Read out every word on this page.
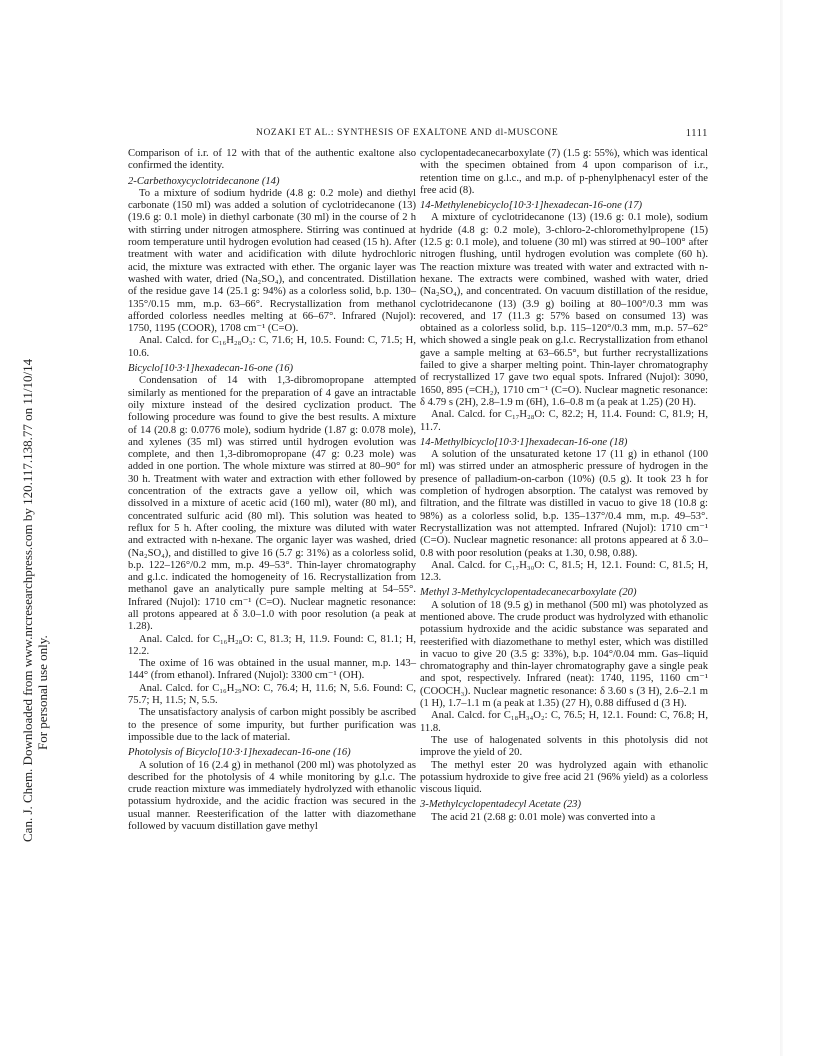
Can. J. Chem. Downloaded from www.nrcresearchpress.com by 120.117.138.77 on 11/10/14 For personal use only.
NOZAKI ET AL.: SYNTHESIS OF EXALTONE AND dl-MUSCONE	1111

Comparison of i.r. of 12 with that of the authentic exaltone also confirmed the identity.

2-Carbethoxycyclotridecanone (14)

To a mixture of sodium hydride (4.8 g: 0.2 mole) and diethyl carbonate (150 ml) was added a solution of cyclotridecanone (13) (19.6 g: 0.1 mole) in diethyl carbonate (30 ml) in the course of 2 h with stirring under nitrogen atmosphere. Stirring was continued at room temperature until hydrogen evolution had ceased (15 h). After treatment with water and acidification with dilute hydrochloric acid, the mixture was extracted with ether. The organic layer was washed with water, dried (Na₂SO₄), and concentrated. Distillation of the residue gave 14 (25.1 g: 94%) as a colorless solid, b.p. 130–135°/0.15 mm, m.p. 63–66°. Recrystallization from methanol afforded colorless needles melting at 66–67°. Infrared (Nujol): 1750, 1195 (COOR), 1708 cm⁻¹ (C=O).

Anal. Calcd. for C₁₆H₂₈O₃: C, 71.6; H, 10.5. Found: C, 71.5; H, 10.6.

Bicyclo[10·3·1]hexadecan-16-one (16)

Condensation of 14 with 1,3-dibromopropane attempted similarly as mentioned for the preparation of 4 gave an intractable oily mixture instead of the desired cyclization product. The following procedure was found to give the best results. A mixture of 14 (20.8 g: 0.0776 mole), sodium hydride (1.87 g: 0.078 mole), and xylenes (35 ml) was stirred until hydrogen evolution was complete, and then 1,3-dibromopropane (47 g: 0.23 mole) was added in one portion. The whole mixture was stirred at 80–90° for 30 h. Treatment with water and extraction with ether followed by concentration of the extracts gave a yellow oil, which was dissolved in a mixture of acetic acid (160 ml), water (80 ml), and concentrated sulfuric acid (80 ml). This solution was heated to reflux for 5 h. After cooling, the mixture was diluted with water and extracted with n-hexane. The organic layer was washed, dried (Na₂SO₄), and distilled to give 16 (5.7 g: 31%) as a colorless solid, b.p. 122–126°/0.2 mm, m.p. 49–53°. Thin-layer chromatography and g.l.c. indicated the homogeneity of 16. Recrystallization from methanol gave an analytically pure sample melting at 54–55°. Infrared (Nujol): 1710 cm⁻¹ (C=O). Nuclear magnetic resonance: all protons appeared at δ 3.0–1.0 with poor resolution (a peak at 1.28).

Anal. Calcd. for C₁₆H₂₈O: C, 81.3; H, 11.9. Found: C, 81.1; H, 12.2.

The oxime of 16 was obtained in the usual manner, m.p. 143–144° (from ethanol). Infrared (Nujol): 3300 cm⁻¹ (OH).

Anal. Calcd. for C₁₆H₂₉NO: C, 76.4; H, 11.6; N, 5.6. Found: C, 75.7; H, 11.5; N, 5.5.

The unsatisfactory analysis of carbon might possibly be ascribed to the presence of some impurity, but further purification was impossible due to the lack of material.

Photolysis of Bicyclo[10·3·1]hexadecan-16-one (16)

A solution of 16 (2.4 g) in methanol (200 ml) was photolyzed as described for the photolysis of 4 while monitoring by g.l.c. The crude reaction mixture was immediately hydrolyzed with ethanolic potassium hydroxide, and the acidic fraction was secured in the usual manner. Reesterification of the latter with diazomethane followed by vacuum distillation gave methyl

cyclopentadecanecarboxylate (7) (1.5 g: 55%), which was identical with the specimen obtained from 4 upon comparison of i.r., retention time on g.l.c., and m.p. of p-phenylphenacyl ester of the free acid (8).

14-Methylenebicyclo[10·3·1]hexadecan-16-one (17)

A mixture of cyclotridecanone (13) (19.6 g: 0.1 mole), sodium hydride (4.8 g: 0.2 mole), 3-chloro-2-chloromethylpropene (15) (12.5 g: 0.1 mole), and toluene (30 ml) was stirred at 90–100° after nitrogen flushing, until hydrogen evolution was complete (60 h). The reaction mixture was treated with water and extracted with n-hexane. The extracts were combined, washed with water, dried (Na₂SO₄), and concentrated. On vacuum distillation of the residue, cyclotridecanone (13) (3.9 g) boiling at 80–100°/0.3 mm was recovered, and 17 (11.3 g: 57% based on consumed 13) was obtained as a colorless solid, b.p. 115–120°/0.3 mm, m.p. 57–62° which showed a single peak on g.l.c. Recrystallization from ethanol gave a sample melting at 63–66.5°, but further recrystallizations failed to give a sharper melting point. Thin-layer chromatography of recrystallized 17 gave two equal spots. Infrared (Nujol): 3090, 1650, 895 (=CH₂), 1710 cm⁻¹ (C=O). Nuclear magnetic resonance: δ 4.79 s (2H), 2.8–1.9 m (6H), 1.6–0.8 m (a peak at 1.25) (20 H).

Anal. Calcd. for C₁₇H₂₈O: C, 82.2; H, 11.4. Found: C, 81.9; H, 11.7.

14-Methylbicyclo[10·3·1]hexadecan-16-one (18)

A solution of the unsaturated ketone 17 (11 g) in ethanol (100 ml) was stirred under an atmospheric pressure of hydrogen in the presence of palladium-on-carbon (10%) (0.5 g). It took 23 h for completion of hydrogen absorption. The catalyst was removed by filtration, and the filtrate was distilled in vacuo to give 18 (10.8 g: 98%) as a colorless solid, b.p. 135–137°/0.4 mm, m.p. 49–53°. Recrystallization was not attempted. Infrared (Nujol): 1710 cm⁻¹ (C=O). Nuclear magnetic resonance: all protons appeared at δ 3.0–0.8 with poor resolution (peaks at 1.30, 0.98, 0.88).

Anal. Calcd. for C₁₇H₃₀O: C, 81.5; H, 12.1. Found: C, 81.5; H, 12.3.

Methyl 3-Methylcyclopentadecanecarboxylate (20)

A solution of 18 (9.5 g) in methanol (500 ml) was photolyzed as mentioned above. The crude product was hydrolyzed with ethanolic potassium hydroxide and the acidic substance was separated and reesterified with diazomethane to methyl ester, which was distilled in vacuo to give 20 (3.5 g: 33%), b.p. 104°/0.04 mm. Gas–liquid chromatography and thin-layer chromatography gave a single peak and spot, respectively. Infrared (neat): 1740, 1195, 1160 cm⁻¹ (COOCH₃). Nuclear magnetic resonance: δ 3.60 s (3 H), 2.6–2.1 m (1 H), 1.7–1.1 m (a peak at 1.35) (27 H), 0.88 diffused d (3 H).

Anal. Calcd. for C₁₈H₃₄O₂: C, 76.5; H, 12.1. Found: C, 76.8; H, 11.8.

The use of halogenated solvents in this photolysis did not improve the yield of 20.

The methyl ester 20 was hydrolyzed again with ethanolic potassium hydroxide to give free acid 21 (96% yield) as a colorless viscous liquid.

3-Methylcyclopentadecyl Acetate (23)

The acid 21 (2.68 g: 0.01 mole) was converted into a
